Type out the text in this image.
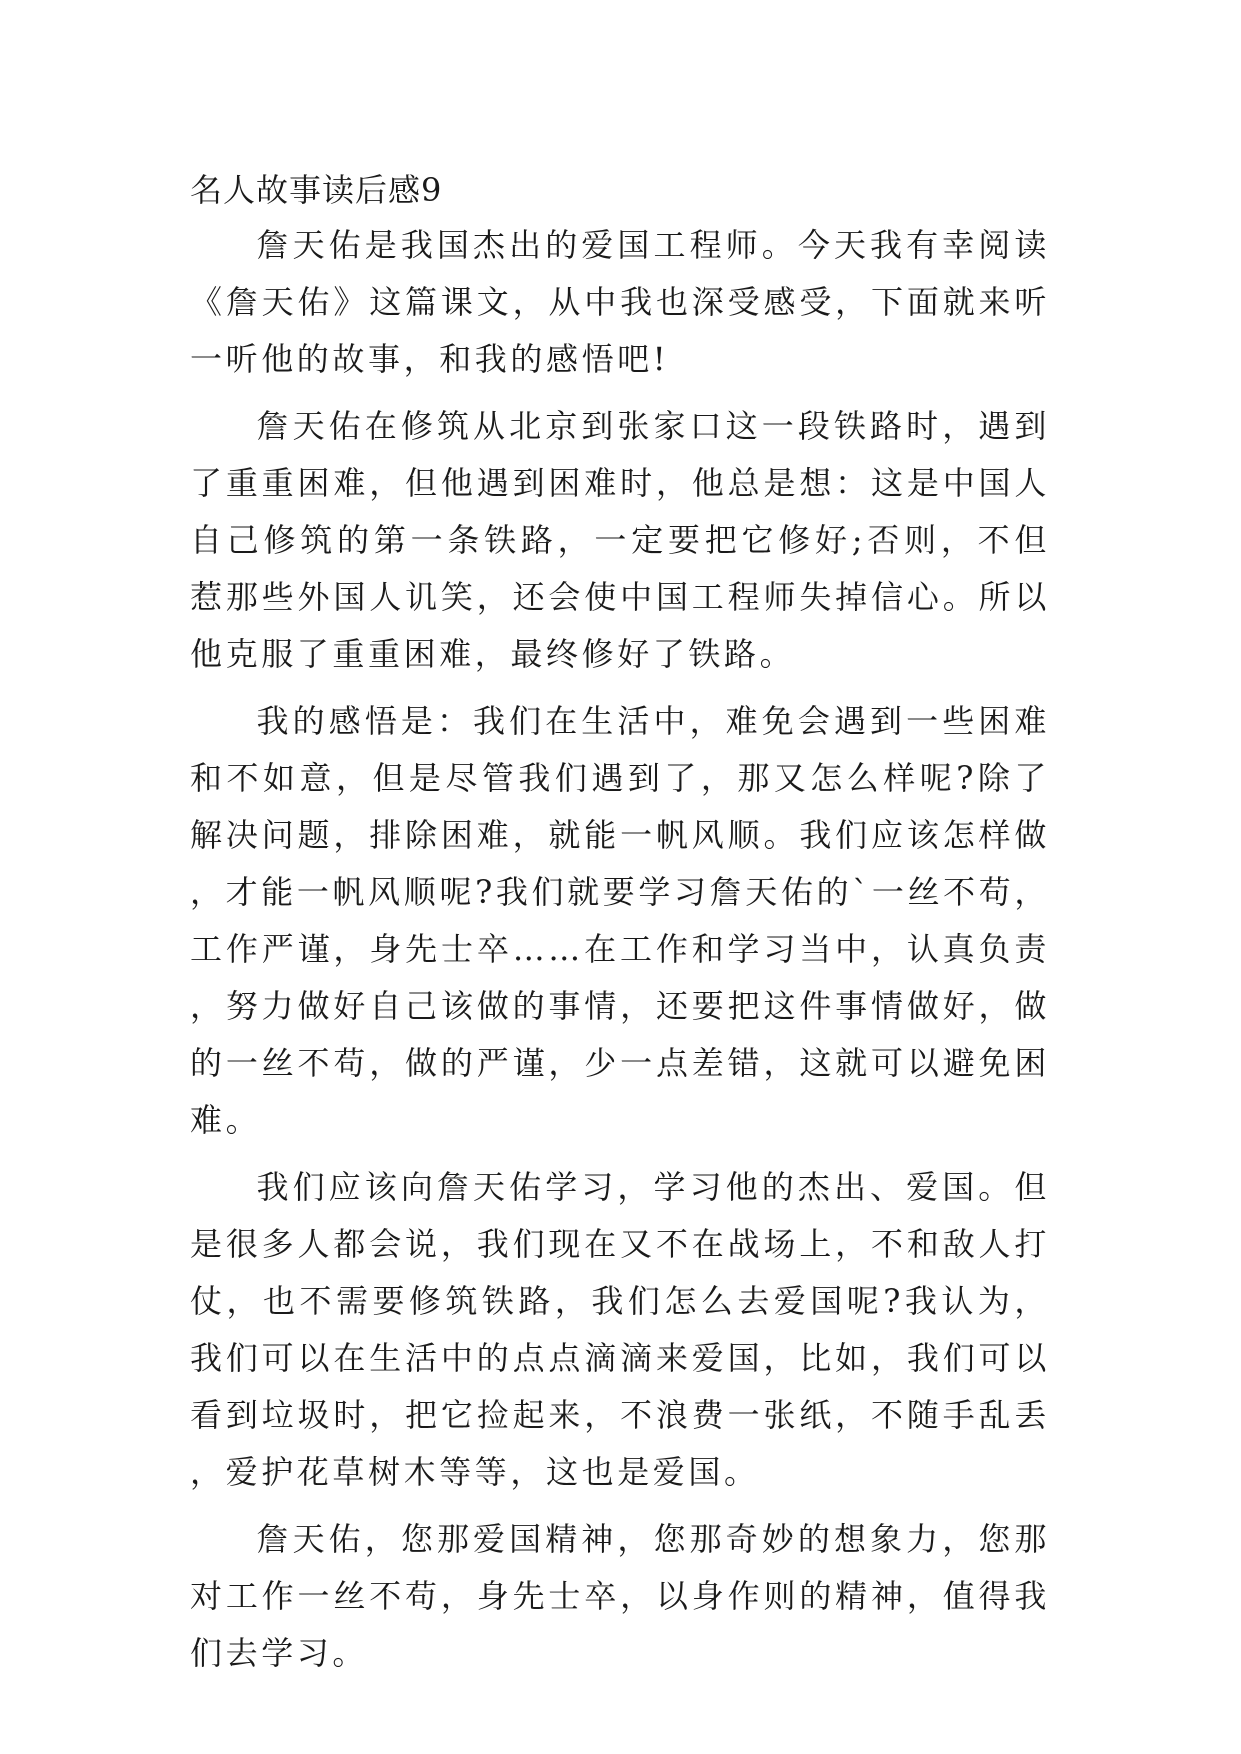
名人故事读后感9

詹天佑是我国杰出的爱国工程师。今天我有幸阅读《詹天佑》这篇课文，从中我也深受感受，下面就来听一听他的故事，和我的感悟吧!

詹天佑在修筑从北京到张家口这一段铁路时，遇到了重重困难，但他遇到困难时，他总是想：这是中国人自己修筑的第一条铁路，一定要把它修好;否则，不但惹那些外国人讥笑，还会使中国工程师失掉信心。所以他克服了重重困难，最终修好了铁路。

我的感悟是：我们在生活中，难免会遇到一些困难和不如意，但是尽管我们遇到了，那又怎么样呢?除了解决问题，排除困难，就能一帆风顺。我们应该怎样做，才能一帆风顺呢?我们就要学习詹天佑的`一丝不苟，工作严谨，身先士卒……在工作和学习当中，认真负责，努力做好自己该做的事情，还要把这件事情做好，做的一丝不苟，做的严谨，少一点差错，这就可以避免困难。

我们应该向詹天佑学习，学习他的杰出、爱国。但是很多人都会说，我们现在又不在战场上，不和敌人打仗，也不需要修筑铁路，我们怎么去爱国呢?我认为，我们可以在生活中的点点滴滴来爱国，比如，我们可以看到垃圾时，把它捡起来，不浪费一张纸，不随手乱丢，爱护花草树木等等，这也是爱国。

詹天佑，您那爱国精神，您那奇妙的想象力，您那对工作一丝不苟，身先士卒，以身作则的精神，值得我们去学习。
